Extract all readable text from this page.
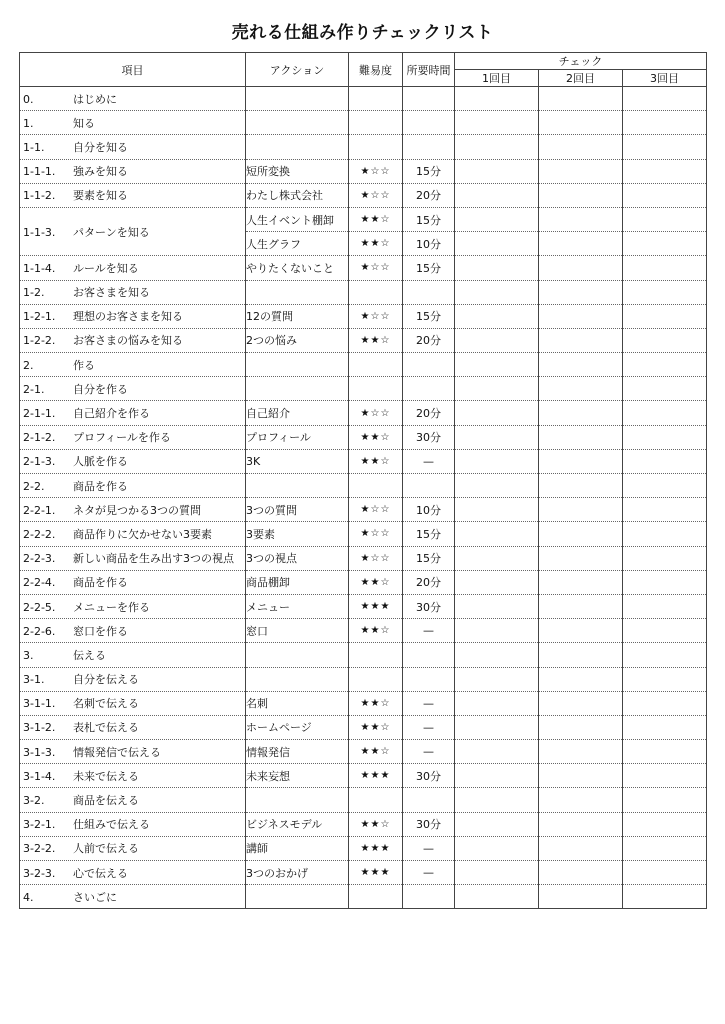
売れる仕組み作りチェックリスト
項目	アクション	難易度	所要時間	チェック		
				1回目	2回目	3回目
0. はじめに						
1. 知る						
1-1. 自分を知る						
1-1-1. 強みを知る	短所変換	★☆☆	15分			
1-1-2. 要素を知る	わたし株式会社	★☆☆	20分			
1-1-3. パターンを知る	人生イベント棚卸	★★☆	15分			
	人生グラフ	★★☆	10分			
1-1-4. ルールを知る	やりたくないこと	★☆☆	15分			
1-2. お客さまを知る						
1-2-1. 理想のお客さまを知る	12の質問	★☆☆	15分			
1-2-2. お客さまの悩みを知る	2つの悩み	★★☆	20分			
2. 作る						
2-1. 自分を作る						
2-1-1. 自己紹介を作る	自己紹介	★☆☆	20分			
2-1-2. プロフィールを作る	プロフィール	★★☆	30分			
2-1-3. 人脈を作る	3K	★★☆	—			
2-2. 商品を作る						
2-2-1. ネタが見つかる3つの質問	3つの質問	★☆☆	10分			
2-2-2. 商品作りに欠かせない3要素	3要素	★☆☆	15分			
2-2-3. 新しい商品を生み出す3つの視点	3つの視点	★☆☆	15分			
2-2-4. 商品を作る	商品棚卸	★★☆	20分			
2-2-5. メニューを作る	メニュー	★★★	30分			
2-2-6. 窓口を作る	窓口	★★☆	—			
3. 伝える						
3-1. 自分を伝える						
3-1-1. 名刺で伝える	名刺	★★☆	—			
3-1-2. 表札で伝える	ホームページ	★★☆	—			
3-1-3. 情報発信で伝える	情報発信	★★☆	—			
3-1-4. 未来で伝える	未来妄想	★★★	30分			
3-2. 商品を伝える						
3-2-1. 仕組みで伝える	ビジネスモデル	★★☆	30分			
3-2-2. 人前で伝える	講師	★★★	—			
3-2-3. 心で伝える	3つのおかげ	★★★	—			
4. さいごに						
